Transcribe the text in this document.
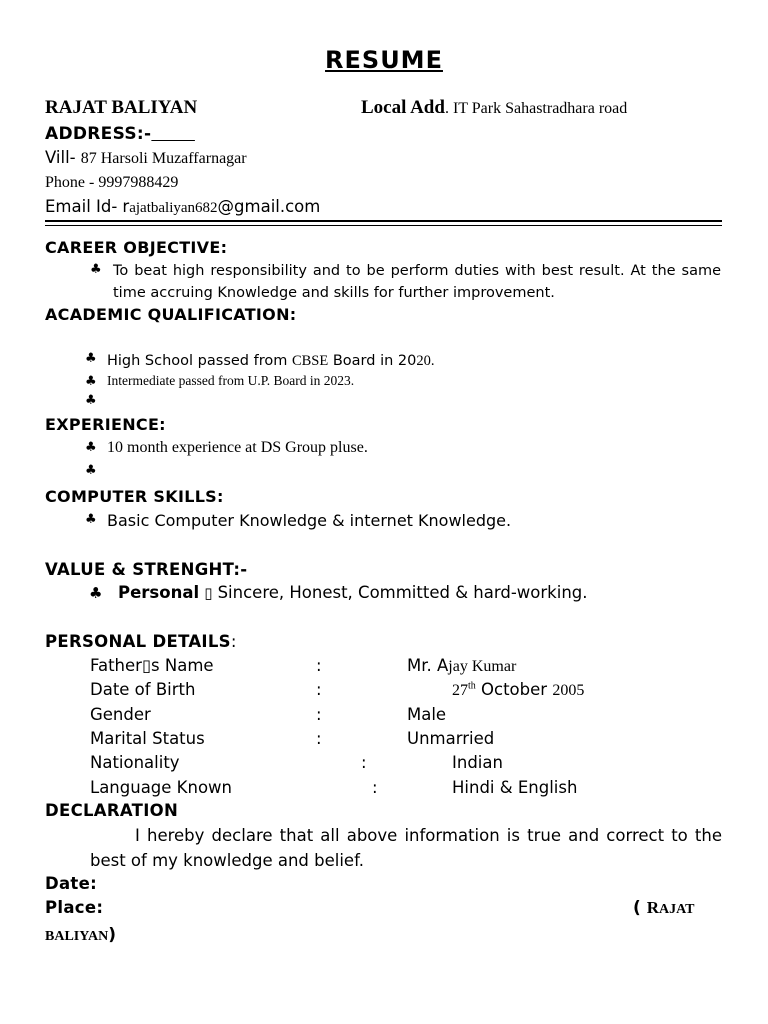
RESUME
RAJAT BALIYAN	Local Add. IT Park Sahastradhara road
ADDRESS:-
Vill- 87 Harsoli Muzaffarnagar
Phone - 9997988429
Email Id- rajatbaliyan682@gmail.com
CAREER OBJECTIVE:
♣ To beat high responsibility and to be perform duties with best result. At the same time accruing Knowledge and skills for further improvement.
ACADEMIC QUALIFICATION:
♣ High School passed from CBSE Board in 2020.
♣ Intermediate passed from U.P. Board in 2023.
♣
EXPERIENCE:
♣ 10 month experience at DS Group pluse.
♣
COMPUTER SKILLS:
♣ Basic Computer Knowledge & internet Knowledge.
VALUE & STRENGHT:-
♣ Personal ▯ Sincere, Honest, Committed & hard-working.
PERSONAL DETAILS:
Father▯s Name	:	Mr. Ajay Kumar
Date of Birth	:	27th October 2005
Gender	:	Male
Marital Status	:	Unmarried
Nationality	:	Indian
Language Known	:	Hindi & English
DECLARATION
I hereby declare that all above information is true and correct to the best of my knowledge and belief.
Date:
Place:	( RAJAT
BALIYAN)
